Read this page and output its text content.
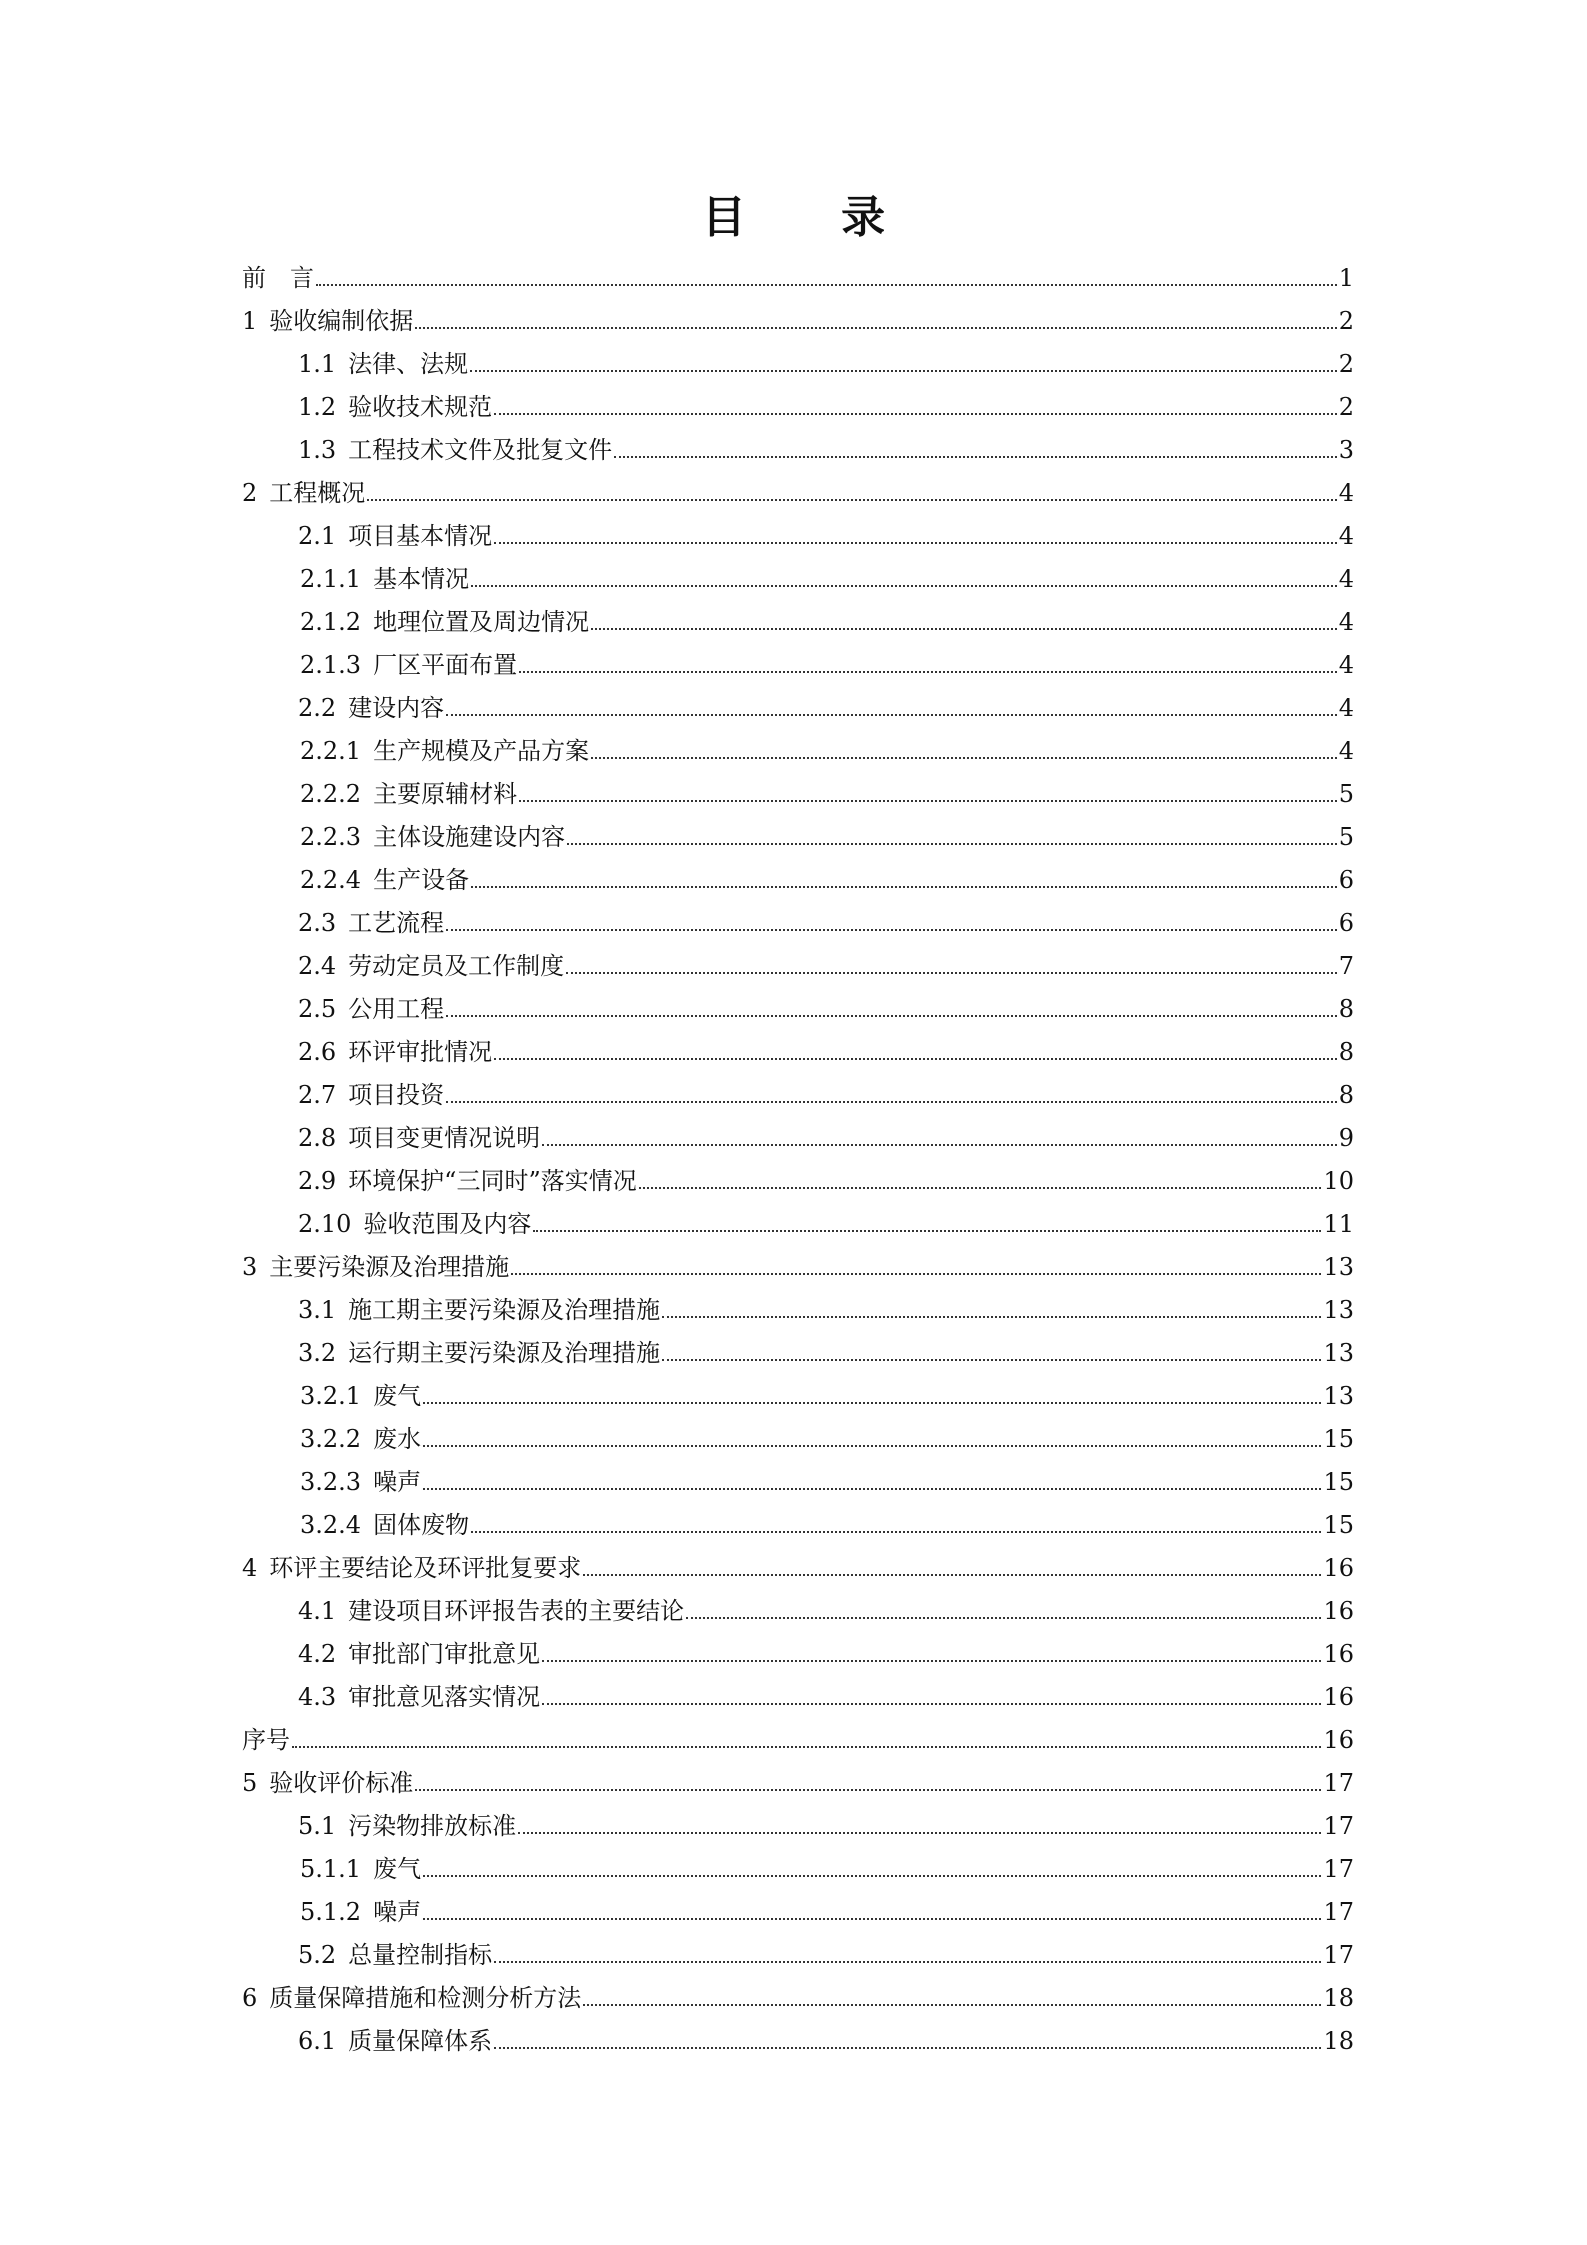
目 录
前　言	1
1 验收编制依据	2
1.1 法律、法规	2
1.2 验收技术规范	2
1.3 工程技术文件及批复文件	3
2 工程概况	4
2.1 项目基本情况	4
2.1.1 基本情况	4
2.1.2 地理位置及周边情况	4
2.1.3 厂区平面布置	4
2.2 建设内容	4
2.2.1 生产规模及产品方案	4
2.2.2 主要原辅材料	5
2.2.3 主体设施建设内容	5
2.2.4 生产设备	6
2.3 工艺流程	6
2.4 劳动定员及工作制度	7
2.5 公用工程	8
2.6 环评审批情况	8
2.7 项目投资	8
2.8 项目变更情况说明	9
2.9 环境保护“三同时”落实情况	10
2.10 验收范围及内容	11
3 主要污染源及治理措施	13
3.1 施工期主要污染源及治理措施	13
3.2 运行期主要污染源及治理措施	13
3.2.1 废气	13
3.2.2 废水	15
3.2.3 噪声	15
3.2.4 固体废物	15
4 环评主要结论及环评批复要求	16
4.1 建设项目环评报告表的主要结论	16
4.2 审批部门审批意见	16
4.3 审批意见落实情况	16
序号	16
5 验收评价标准	17
5.1 污染物排放标准	17
5.1.1 废气	17
5.1.2 噪声	17
5.2 总量控制指标	17
6 质量保障措施和检测分析方法	18
6.1 质量保障体系	18
